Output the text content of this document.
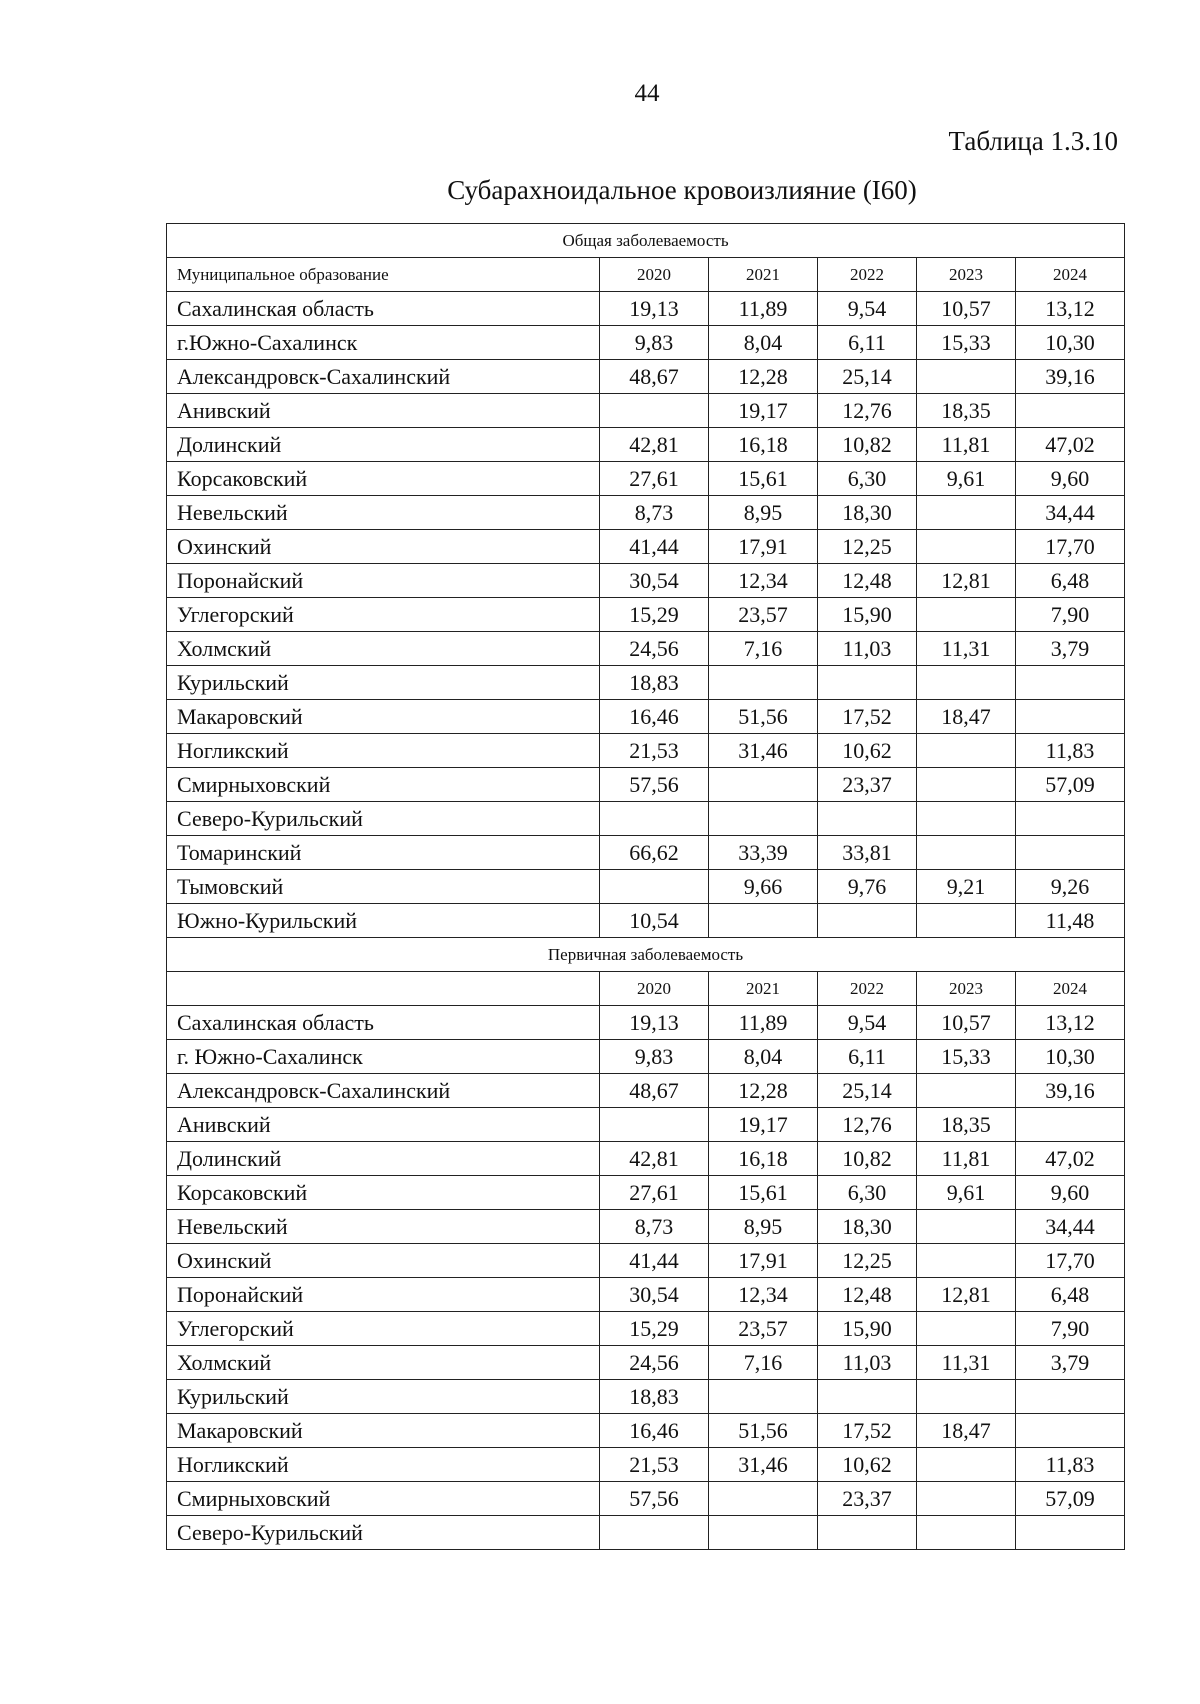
44
Таблица 1.3.10
Субарахноидальное кровоизлияние (I60)
Общая заболеваемость					
Муниципальное образование	2020	2021	2022	2023	2024
Сахалинская область	19,13	11,89	9,54	10,57	13,12
г.Южно-Сахалинск	9,83	8,04	6,11	15,33	10,30
Александровск-Сахалинский	48,67	12,28	25,14		39,16
Анивский		19,17	12,76	18,35	
Долинский	42,81	16,18	10,82	11,81	47,02
Корсаковский	27,61	15,61	6,30	9,61	9,60
Невельский	8,73	8,95	18,30		34,44
Охинский	41,44	17,91	12,25		17,70
Поронайский	30,54	12,34	12,48	12,81	6,48
Углегорский	15,29	23,57	15,90		7,90
Холмский	24,56	7,16	11,03	11,31	3,79
Курильский	18,83				
Макаровский	16,46	51,56	17,52	18,47	
Ногликский	21,53	31,46	10,62		11,83
Смирныховский	57,56		23,37		57,09
Северо-Курильский					
Томаринский	66,62	33,39	33,81		
Тымовский		9,66	9,76	9,21	9,26
Южно-Курильский	10,54				11,48
Первичная заболеваемость					
	2020	2021	2022	2023	2024
Сахалинская область	19,13	11,89	9,54	10,57	13,12
г. Южно-Сахалинск	9,83	8,04	6,11	15,33	10,30
Александровск-Сахалинский	48,67	12,28	25,14		39,16
Анивский		19,17	12,76	18,35	
Долинский	42,81	16,18	10,82	11,81	47,02
Корсаковский	27,61	15,61	6,30	9,61	9,60
Невельский	8,73	8,95	18,30		34,44
Охинский	41,44	17,91	12,25		17,70
Поронайский	30,54	12,34	12,48	12,81	6,48
Углегорский	15,29	23,57	15,90		7,90
Холмский	24,56	7,16	11,03	11,31	3,79
Курильский	18,83				
Макаровский	16,46	51,56	17,52	18,47	
Ногликский	21,53	31,46	10,62		11,83
Смирныховский	57,56		23,37		57,09
Северо-Курильский					
